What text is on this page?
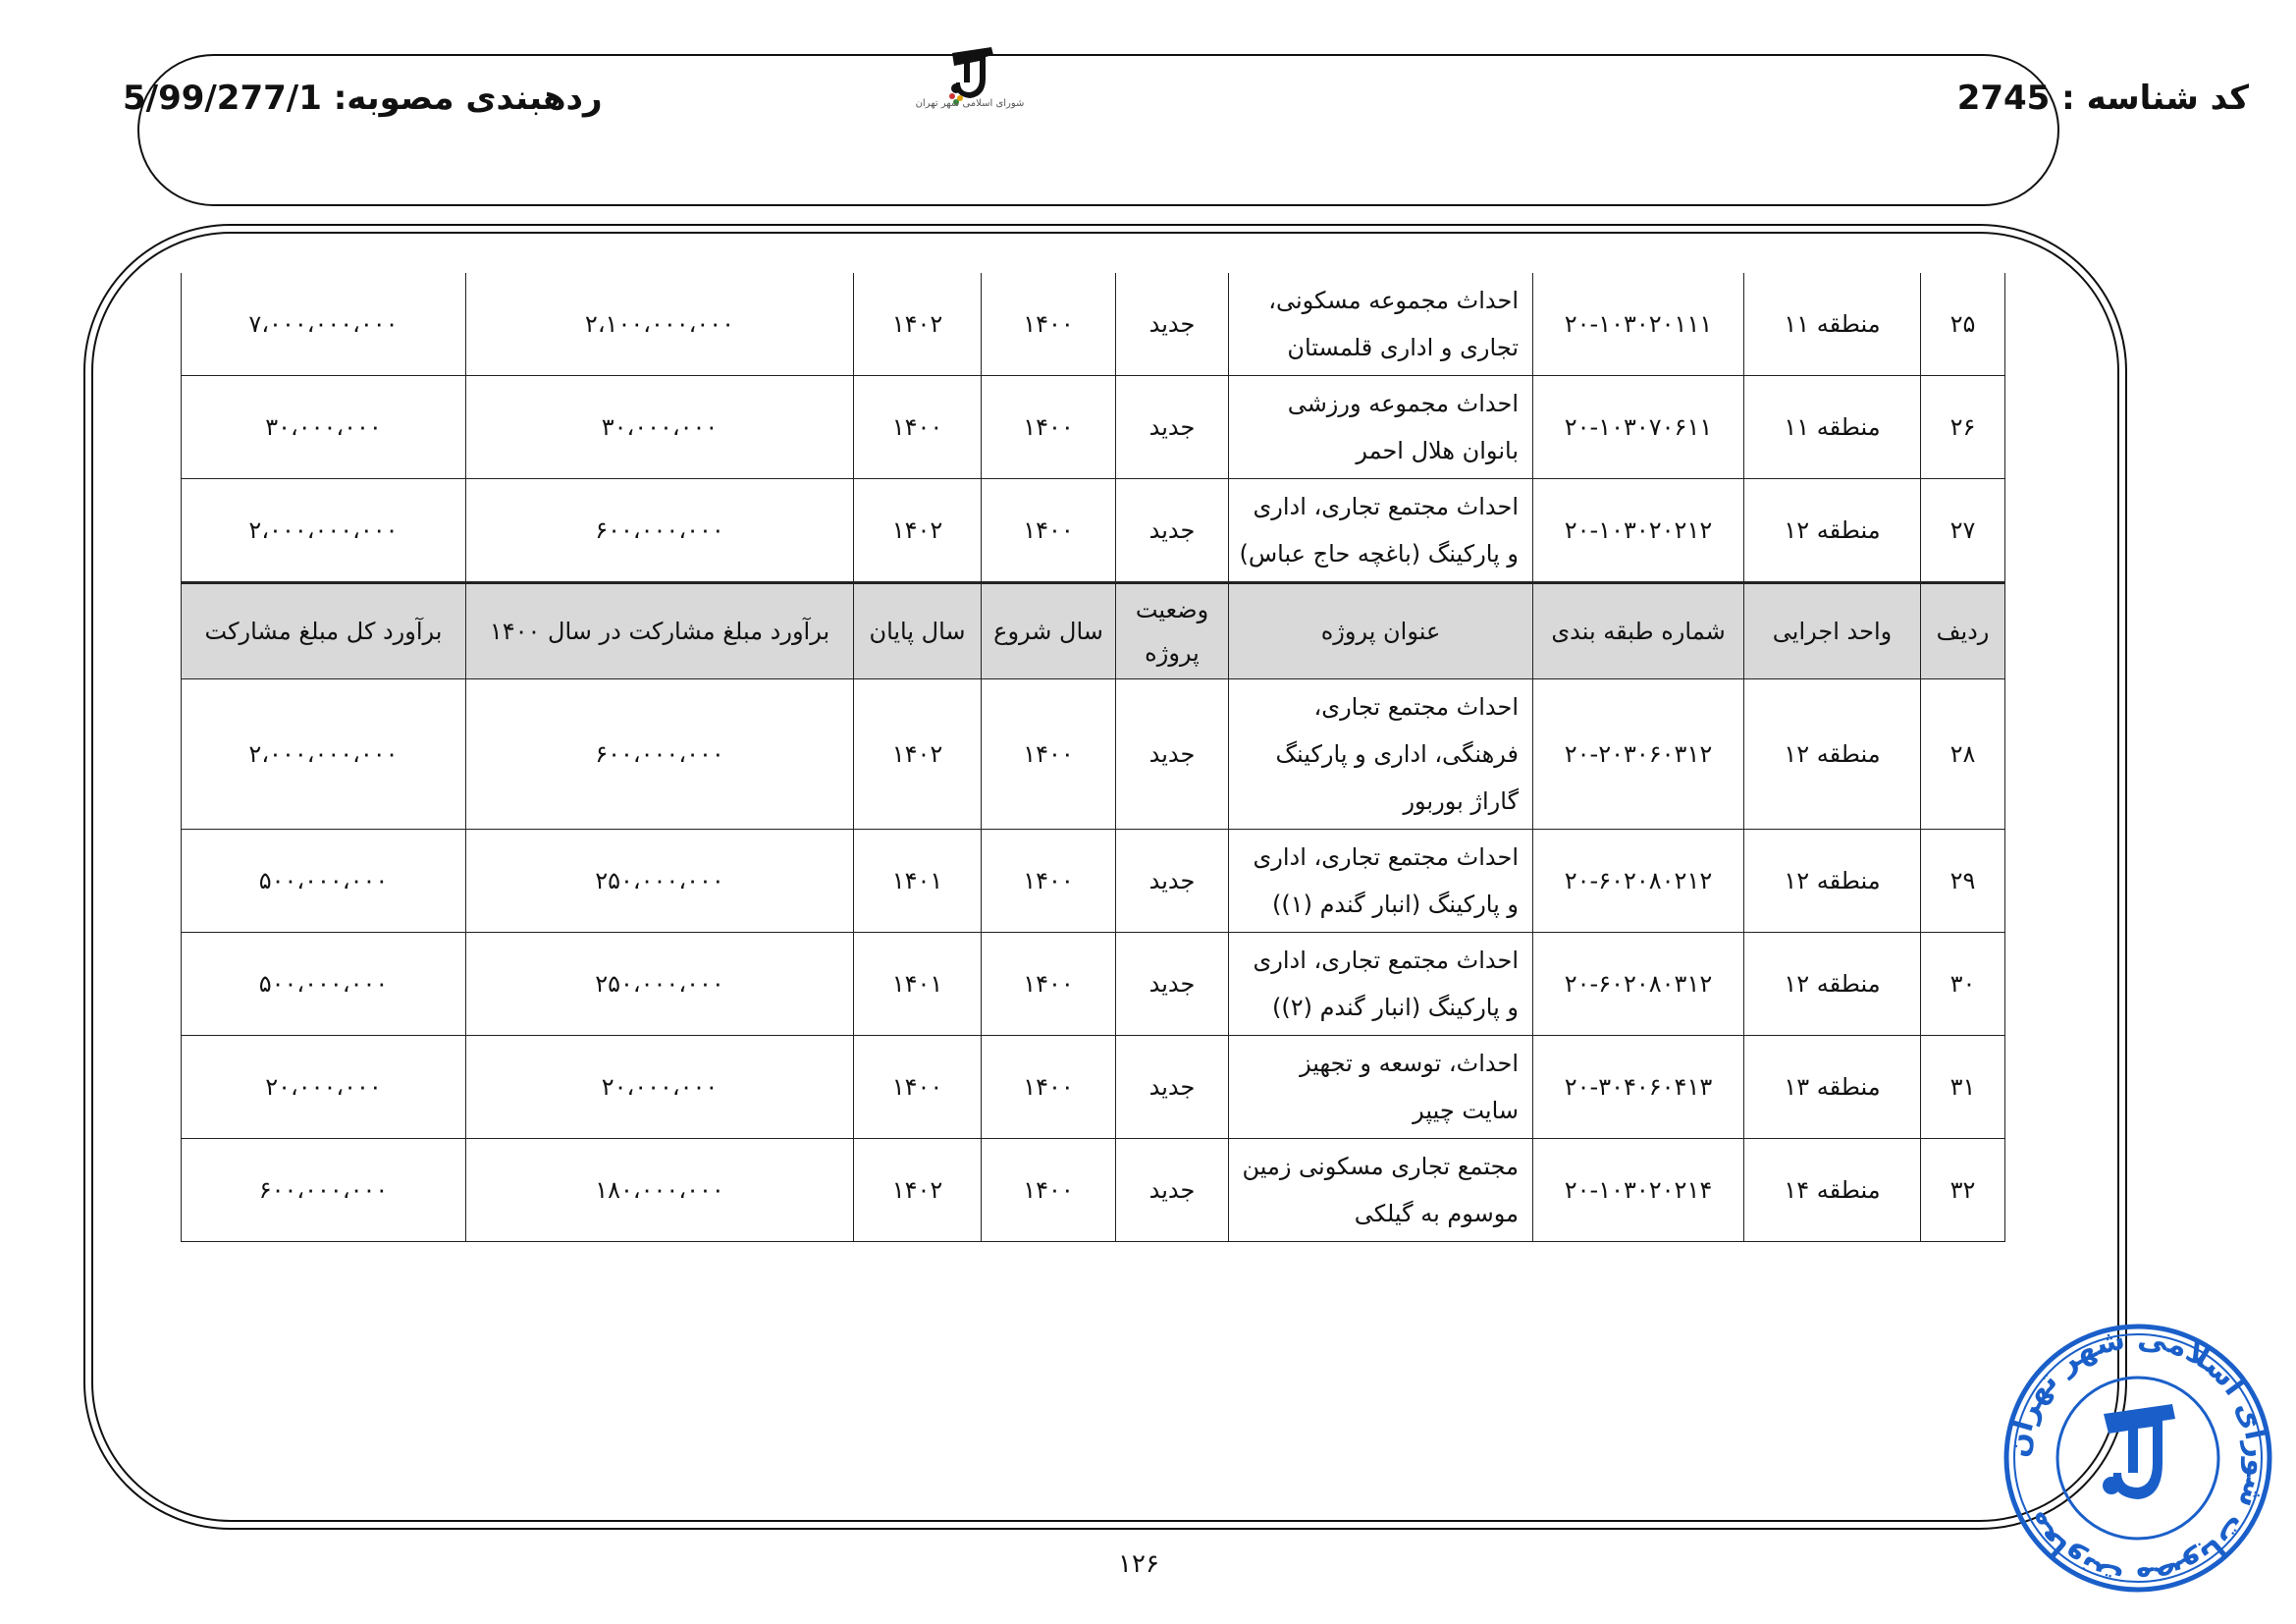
ردهبندی مصوبه: 5/99/277/1	کد شناسه : 2745
شورای اسلامی شهر تهران
۲۵	منطقه ۱۱	۲۰-۱۰۳۰۲۰۱۱۱	احداث مجموعه مسکونی، تجاری و اداری قلمستان	جدید	۱۴۰۰	۱۴۰۲	۲،۱۰۰،۰۰۰،۰۰۰	۷،۰۰۰،۰۰۰،۰۰۰
۲۶	منطقه ۱۱	۲۰-۱۰۳۰۷۰۶۱۱	احداث مجموعه ورزشی بانوان هلال احمر	جدید	۱۴۰۰	۱۴۰۰	۳۰،۰۰۰،۰۰۰	۳۰،۰۰۰،۰۰۰
۲۷	منطقه ۱۲	۲۰-۱۰۳۰۲۰۲۱۲	احداث مجتمع تجاری، اداری و پارکینگ (باغچه حاج عباس)	جدید	۱۴۰۰	۱۴۰۲	۶۰۰،۰۰۰،۰۰۰	۲،۰۰۰،۰۰۰،۰۰۰
ردیف	واحد اجرایی	شماره طبقه بندی	عنوان پروژه	وضعیت پروژه	سال شروع	سال پایان	برآورد مبلغ مشارکت در سال ۱۴۰۰	برآورد کل مبلغ مشارکت
۲۸	منطقه ۱۲	۲۰-۲۰۳۰۶۰۳۱۲	احداث مجتمع تجاری، فرهنگی، اداری و پارکینگ گاراژ بوربور	جدید	۱۴۰۰	۱۴۰۲	۶۰۰،۰۰۰،۰۰۰	۲،۰۰۰،۰۰۰،۰۰۰
۲۹	منطقه ۱۲	۲۰-۶۰۲۰۸۰۲۱۲	احداث مجتمع تجاری، اداری و پارکینگ (انبار گندم (۱))	جدید	۱۴۰۰	۱۴۰۱	۲۵۰،۰۰۰،۰۰۰	۵۰۰،۰۰۰،۰۰۰
۳۰	منطقه ۱۲	۲۰-۶۰۲۰۸۰۳۱۲	احداث مجتمع تجاری، اداری و پارکینگ (انبار گندم (۲))	جدید	۱۴۰۰	۱۴۰۱	۲۵۰،۰۰۰،۰۰۰	۵۰۰،۰۰۰،۰۰۰
۳۱	منطقه ۱۳	۲۰-۳۰۴۰۶۰۴۱۳	احداث، توسعه و تجهیز سایت چیپر	جدید	۱۴۰۰	۱۴۰۰	۲۰،۰۰۰،۰۰۰	۲۰،۰۰۰،۰۰۰
۳۲	منطقه ۱۴	۲۰-۱۰۳۰۲۰۲۱۴	مجتمع تجاری مسکونی زمین موسوم به گیلکی	جدید	۱۴۰۰	۱۴۰۲	۱۸۰،۰۰۰،۰۰۰	۶۰۰،۰۰۰،۰۰۰
۱۲۶
معاونت مصوبات شورای اسلامی شهر تهران
